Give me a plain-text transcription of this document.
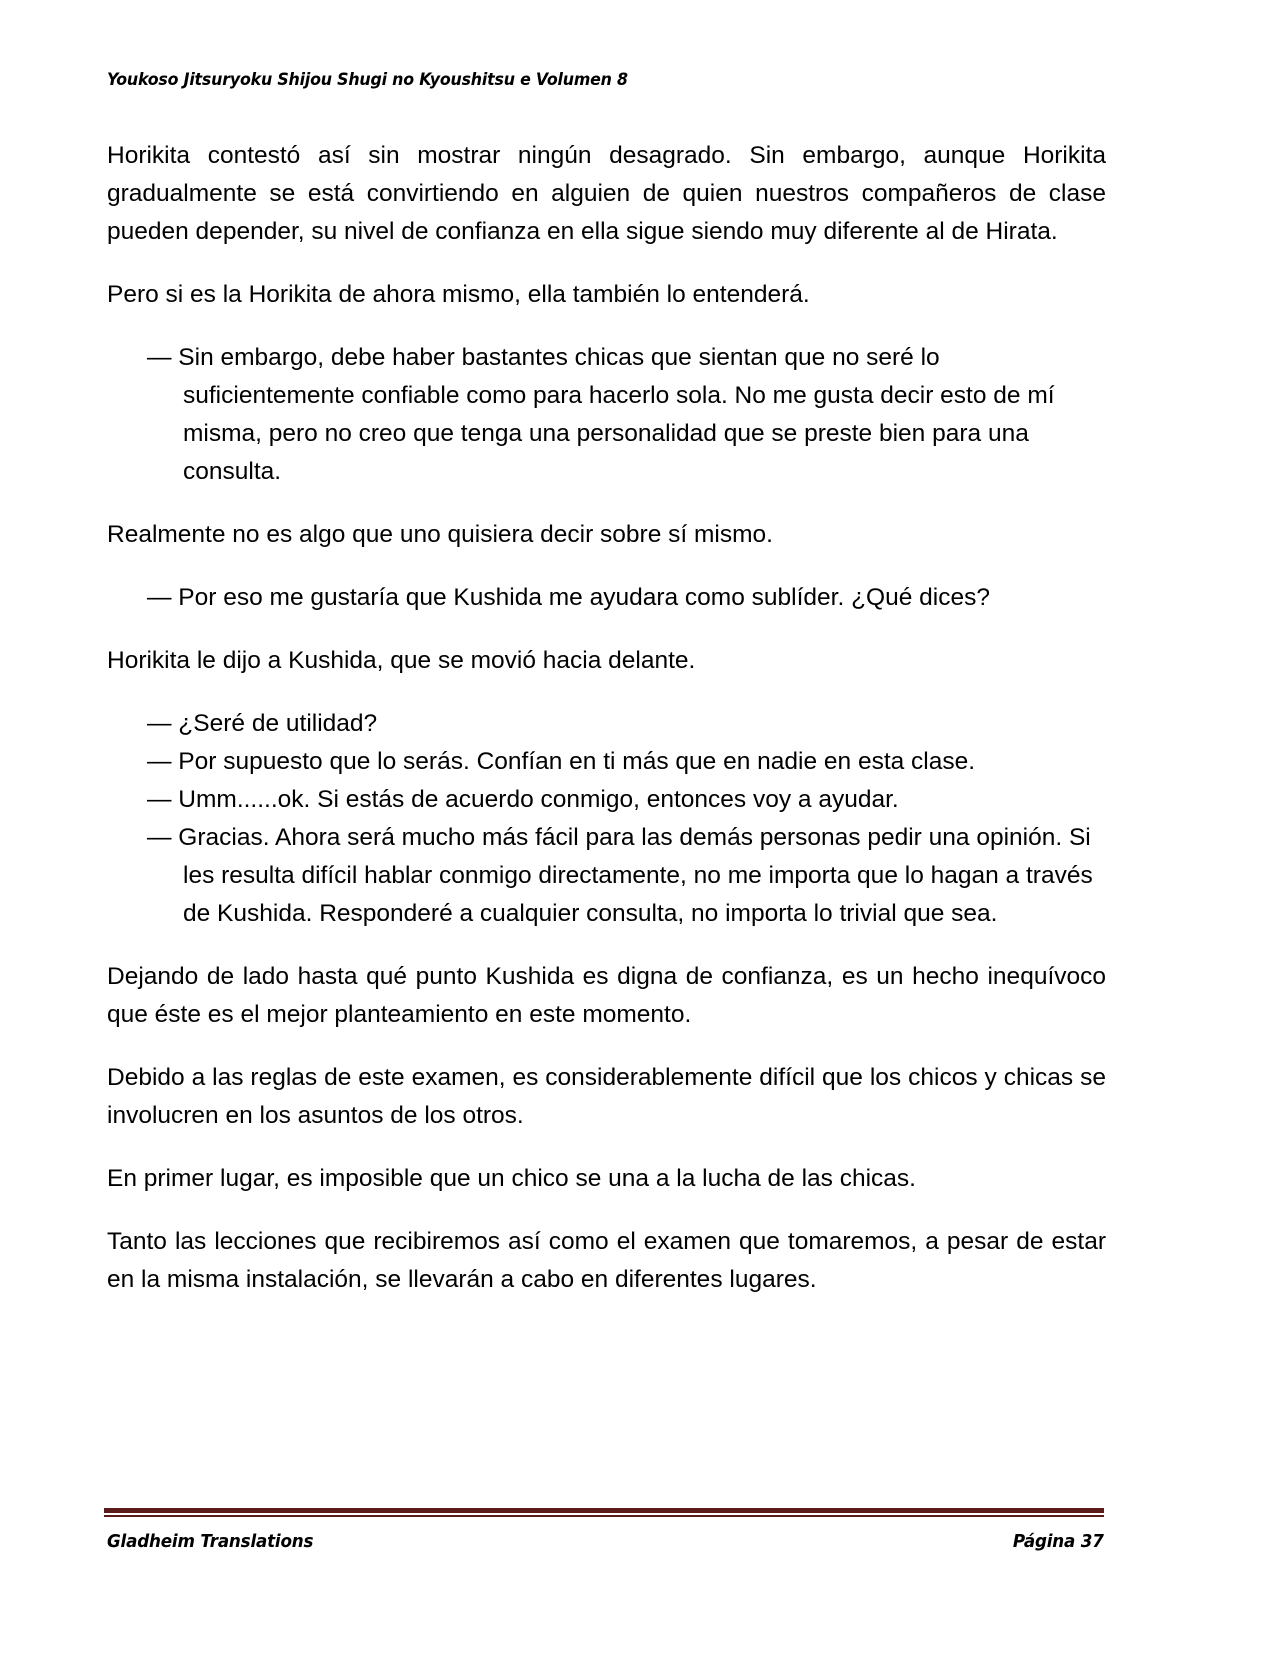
Youkoso Jitsuryoku Shijou Shugi no Kyoushitsu e Volumen 8

Horikita contestó así sin mostrar ningún desagrado. Sin embargo, aunque Horikita gradualmente se está convirtiendo en alguien de quien nuestros compañeros de clase pueden depender, su nivel de confianza en ella sigue siendo muy diferente al de Hirata.

Pero si es la Horikita de ahora mismo, ella también lo entenderá.

— Sin embargo, debe haber bastantes chicas que sientan que no seré lo suficientemente confiable como para hacerlo sola. No me gusta decir esto de mí misma, pero no creo que tenga una personalidad que se preste bien para una consulta.

Realmente no es algo que uno quisiera decir sobre sí mismo.

— Por eso me gustaría que Kushida me ayudara como sublíder. ¿Qué dices?

Horikita le dijo a Kushida, que se movió hacia delante.

— ¿Seré de utilidad?

— Por supuesto que lo serás. Confían en ti más que en nadie en esta clase.

— Umm......ok. Si estás de acuerdo conmigo, entonces voy a ayudar.

— Gracias. Ahora será mucho más fácil para las demás personas pedir una opinión. Si les resulta difícil hablar conmigo directamente, no me importa que lo hagan a través de Kushida. Responderé a cualquier consulta, no importa lo trivial que sea.

Dejando de lado hasta qué punto Kushida es digna de confianza, es un hecho inequívoco que éste es el mejor planteamiento en este momento.

Debido a las reglas de este examen, es considerablemente difícil que los chicos y chicas se involucren en los asuntos de los otros.

En primer lugar, es imposible que un chico se una a la lucha de las chicas.

Tanto las lecciones que recibiremos así como el examen que tomaremos, a pesar de estar en la misma instalación, se llevarán a cabo en diferentes lugares.

Gladheim Translations	Página 37
